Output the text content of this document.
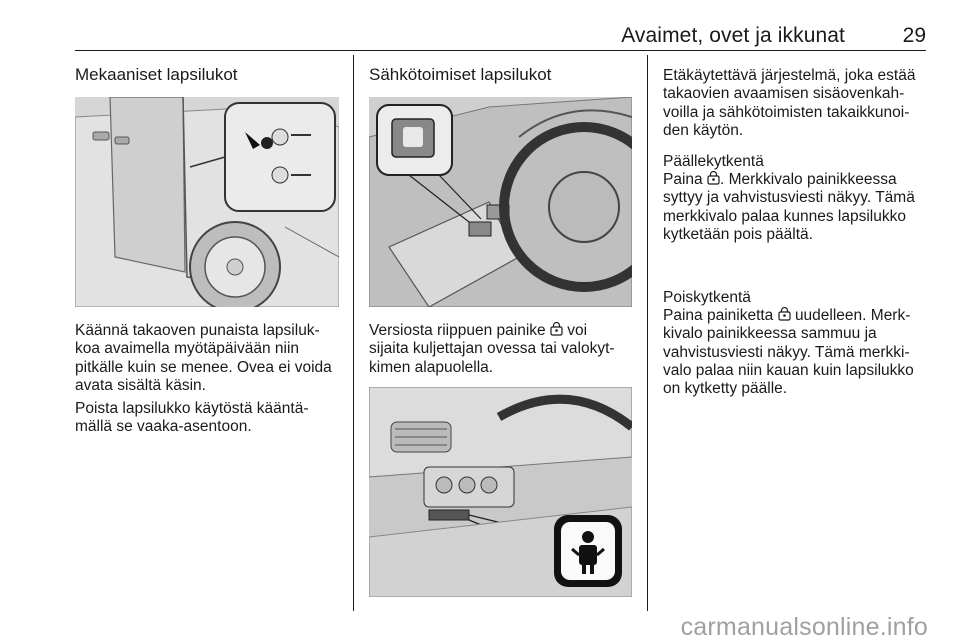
Avaimet, ovet ja ikkunat	29
Mekaaniset lapsilukot

Käännä takaoven punaista lapsiluk-
koa avaimella myötäpäivään niin
pitkälle kuin se menee. Ovea ei voida
avata sisältä käsin.

Poista lapsilukko käytöstä kääntä-
mällä se vaaka-asentoon.

Sähkötoimiset lapsilukot

Versiosta riippuen painike voi
sijaita kuljettajan ovessa tai valokyt-
kimen alapuolella.

Etäkäytettävä järjestelmä, joka estää
takaovien avaamisen sisäovenkah-
voilla ja sähkötoimisten takaikkunoi-
den käytön.

Päällekytkentä

Paina . Merkkivalo painikkeessa
syttyy ja vahvistusviesti näkyy. Tämä
merkkivalo palaa kunnes lapsilukko
kytketään pois päältä.

Poiskytkentä

Paina painiketta uudelleen. Merk-
kivalo painikkeessa sammuu ja
vahvistusviesti näkyy. Tämä merkki-
valo palaa niin kauan kuin lapsilukko
on kytketty päälle.

carmanualsonline.info
